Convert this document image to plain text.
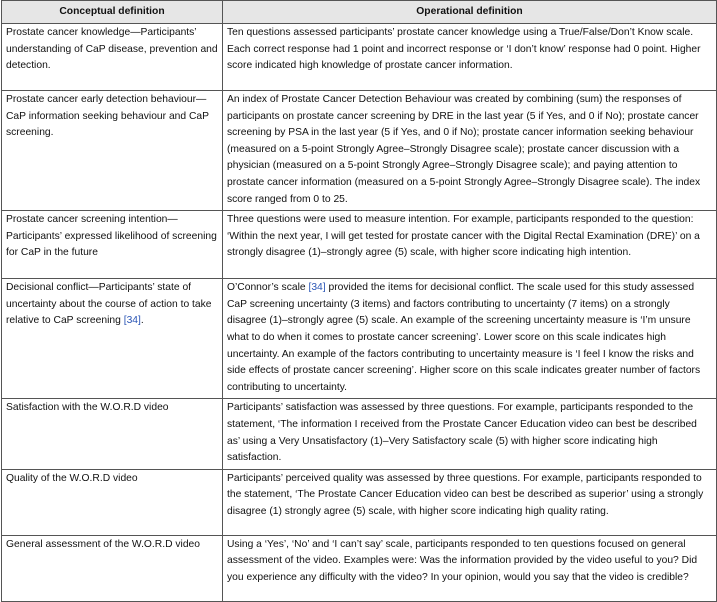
Conceptual definition	Operational definition
Prostate cancer knowledge—Participants’ understanding of CaP disease, prevention and detection.	Ten questions assessed participants’ prostate cancer knowledge using a True/False/Don’t Know scale. Each correct response had 1 point and incorrect response or ‘I don’t know’ response had 0 point. Higher score indicated high knowledge of prostate cancer information.
Prostate cancer early detection behaviour—CaP information seeking behaviour and CaP screening.	An index of Prostate Cancer Detection Behaviour was created by combining (sum) the responses of participants on prostate cancer screening by DRE in the last year (5 if Yes, and 0 if No); prostate cancer screening by PSA in the last year (5 if Yes, and 0 if No); prostate cancer information seeking behaviour (measured on a 5-point Strongly Agree–Strongly Disagree scale); prostate cancer discussion with a physician (measured on a 5-point Strongly Agree–Strongly Disagree scale); and paying attention to prostate cancer information (measured on a 5-point Strongly Agree–Strongly Disagree scale). The index score ranged from 0 to 25.
Prostate cancer screening intention—Participants’ expressed likelihood of screening for CaP in the future	Three questions were used to measure intention. For example, participants responded to the question: ‘Within the next year, I will get tested for prostate cancer with the Digital Rectal Examination (DRE)’ on a strongly disagree (1)–strongly agree (5) scale, with higher score indicating high intention.
Decisional conflict—Participants’ state of uncertainty about the course of action to take relative to CaP screening [34].	O’Connor’s scale [34] provided the items for decisional conflict. The scale used for this study assessed CaP screening uncertainty (3 items) and factors contributing to uncertainty (7 items) on a strongly disagree (1)–strongly agree (5) scale. An example of the screening uncertainty measure is ‘I’m unsure what to do when it comes to prostate cancer screening’. Lower score on this scale indicates high uncertainty. An example of the factors contributing to uncertainty measure is ‘I feel I know the risks and side effects of prostate cancer screening’. Higher score on this scale indicates greater number of factors contributing to uncertainty.
Satisfaction with the W.O.R.D video	Participants’ satisfaction was assessed by three questions. For example, participants responded to the statement, ‘The information I received from the Prostate Cancer Education video can best be described as’ using a Very Unsatisfactory (1)–Very Satisfactory scale (5) with higher score indicating high satisfaction.
Quality of the W.O.R.D video	Participants’ perceived quality was assessed by three questions. For example, participants responded to the statement, ‘The Prostate Cancer Education video can best be described as superior’ using a strongly disagree (1) strongly agree (5) scale, with higher score indicating high quality rating.
General assessment of the W.O.R.D video	Using a ‘Yes’, ‘No’ and ‘I can’t say’ scale, participants responded to ten questions focused on general assessment of the video. Examples were: Was the information provided by the video useful to you? Did you experience any difficulty with the video? In your opinion, would you say that the video is credible?
